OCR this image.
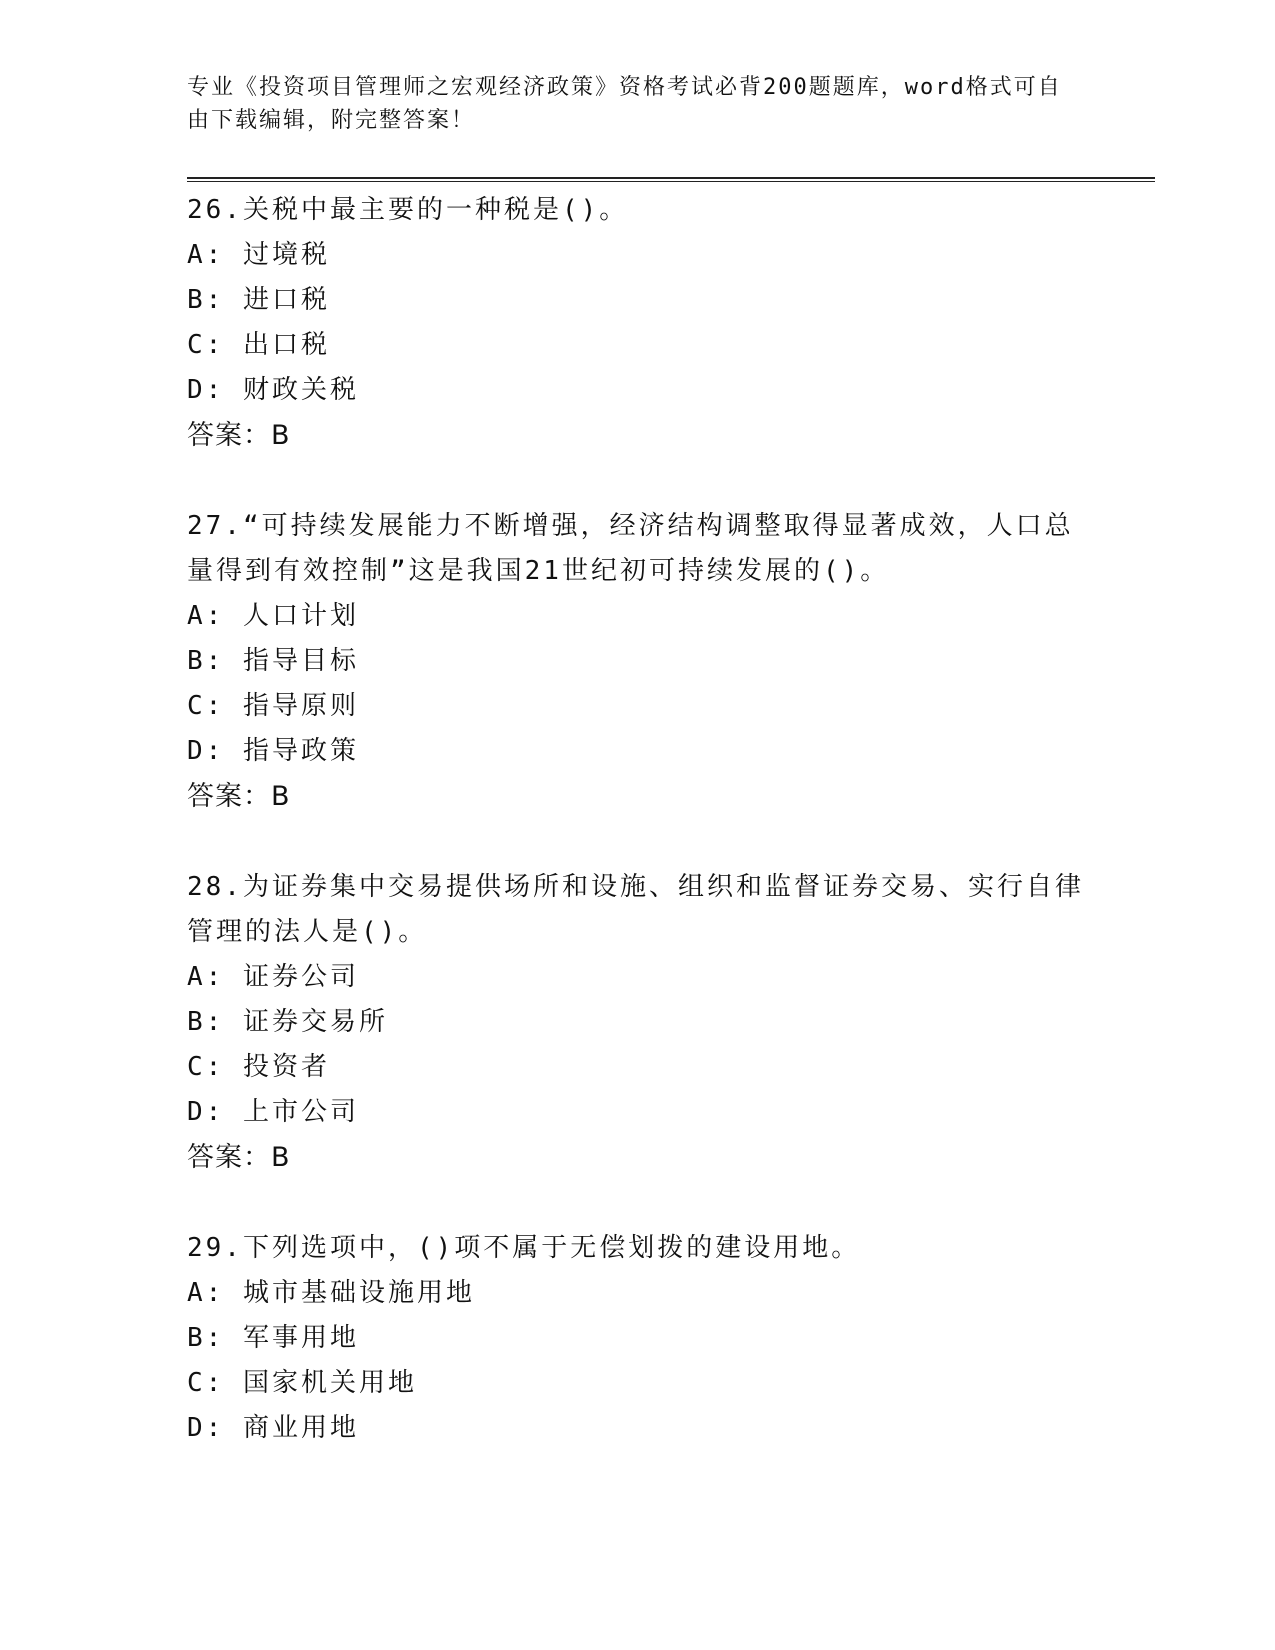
专业《投资项目管理师之宏观经济政策》资格考试必背200题题库，word格式可自由下载编辑，附完整答案！

26.关税中最主要的一种税是()。

A: 过境税

B: 进口税

C: 出口税

D: 财政关税

答案：B

27.“可持续发展能力不断增强，经济结构调整取得显著成效，人口总量得到有效控制”这是我国21世纪初可持续发展的()。

A: 人口计划

B: 指导目标

C: 指导原则

D: 指导政策

答案：B

28.为证券集中交易提供场所和设施、组织和监督证券交易、实行自律管理的法人是()。

A: 证券公司

B: 证券交易所

C: 投资者

D: 上市公司

答案：B

29.下列选项中，()项不属于无偿划拨的建设用地。

A: 城市基础设施用地

B: 军事用地

C: 国家机关用地

D: 商业用地
